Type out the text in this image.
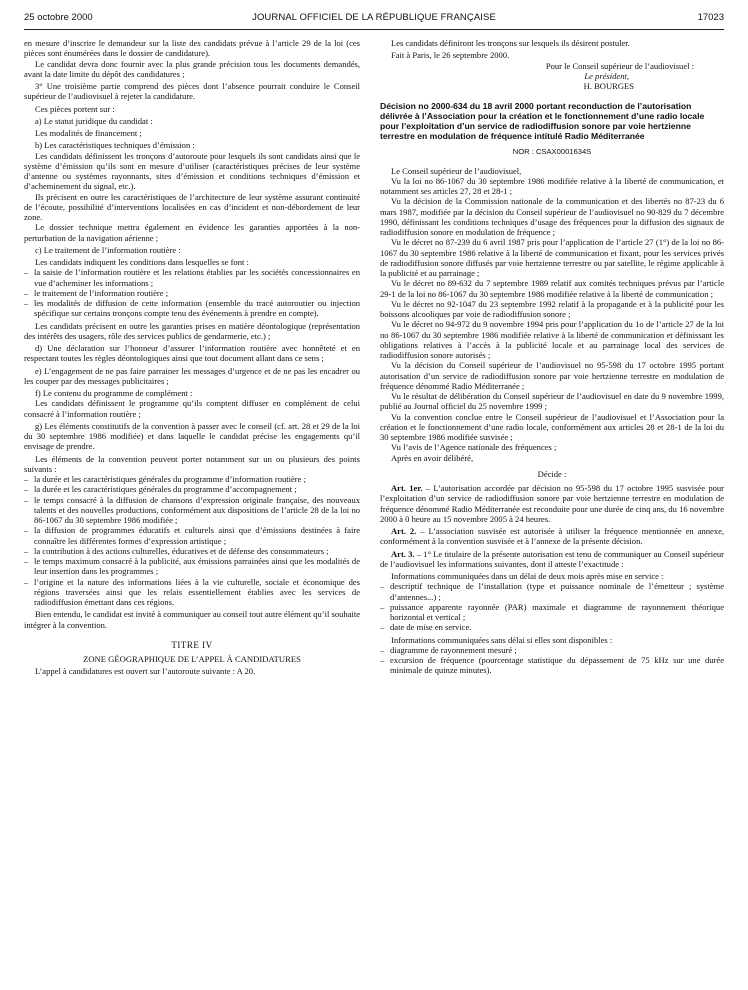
25 octobre 2000	JOURNAL OFFICIEL DE LA RÉPUBLIQUE FRANÇAISE	17023

en mesure d’inscrire le demandeur sur la liste des candidats prévue à l’article 29 de la loi (ces pièces sont énumérées dans le dossier de candidature).

Le candidat devra donc fournir avec la plus grande précision tous les documents demandés, avant la date limite du dépôt des candidatures ;

3° Une troisième partie comprend des pièces dont l’absence pourrait conduire le Conseil supérieur de l’audiovisuel à rejeter la candidature.

Ces pièces portent sur :

a) Le statut juridique du candidat :

Les modalités de financement ;

b) Les caractéristiques techniques d’émission :

Les candidats définissent les tronçons d’autoroute pour lesquels ils sont candidats ainsi que le système d’émission qu’ils sont en mesure d’utiliser (caractéristiques précises de leur système d’antenne ou systèmes rayonnants, sites d’émission et conditions techniques d’émission et d’acheminement du signal, etc.).

Ils précisent en outre les caractéristiques de l’architecture de leur système assurant continuité de l’écoute, possibilité d’interventions localisées en cas d’incident et non-débordement de leur zone.

Le dossier technique mettra également en évidence les garanties apportées à la non-perturbation de la navigation aérienne ;

c) Le traitement de l’information routière :

Les candidats indiquent les conditions dans lesquelles se font :

– la saisie de l’information routière et les relations établies par les sociétés concessionnaires en vue d’acheminer les informations ;
– le traitement de l’information routière ;
– les modalités de diffusion de cette information (ensemble du tracé autoroutier ou injection spécifique sur certains tronçons compte tenu des événements à prendre en compte).

Les candidats précisent en outre les garanties prises en matière déontologique (représentation des intérêts des usagers, rôle des services publics de gendarmerie, etc.) ;

d) Une déclaration sur l’honneur d’assurer l’information routière avec honnêteté et en respectant toutes les règles déontologiques ainsi que tout document allant dans ce sens ;

e) L’engagement de ne pas faire parrainer les messages d’urgence et de ne pas les encadrer ou les couper par des messages publicitaires ;

f) Le contenu du programme de complément :

Les candidats définissent le programme qu’ils comptent diffuser en complément de celui consacré à l’information routière ;

g) Les éléments constitutifs de la convention à passer avec le conseil (cf. art. 28 et 29 de la loi du 30 septembre 1986 modifiée) et dans laquelle le candidat précise les engagements qu’il envisage de prendre.

Les éléments de la convention peuvent porter notamment sur un ou plusieurs des points suivants :

– la durée et les caractéristiques générales du programme d’information routière ;
– la durée et les caractéristiques générales du programme d’accompagnement ;
– le temps consacré à la diffusion de chansons d’expression originale française, des nouveaux talents et des nouvelles productions, conformément aux dispositions de l’article 28 de la loi no 86-1067 du 30 septembre 1986 modifiée ;
– la diffusion de programmes éducatifs et culturels ainsi que d’émissions destinées à faire connaître les différentes formes d’expression artistique ;
– la contribution à des actions culturelles, éducatives et de défense des consommateurs ;
– le temps maximum consacré à la publicité, aux émissions parrainées ainsi que les modalités de leur insertion dans les programmes ;
– l’origine et la nature des informations liées à la vie culturelle, sociale et économique des régions traversées ainsi que les relais essentiellement établies avec les services de radiodiffusion émettant dans ces régions.

Bien entendu, le candidat est invité à communiquer au conseil tout autre élément qu’il souhaite intégrer à la convention.

TITRE IV
ZONE GÉOGRAPHIQUE DE L’APPEL À CANDIDATURES

L’appel à candidatures est ouvert sur l’autoroute suivante : A 20.

Les candidats définiront les tronçons sur lesquels ils désirent postuler.

Fait à Paris, le 26 septembre 2000.

Pour le Conseil supérieur de l’audiovisuel :
Le président,
H. BOURGES
Décision no 2000-634 du 18 avril 2000 portant reconduction de l’autorisation délivrée à l’Association pour la création et le fonctionnement d’une radio locale pour l’exploitation d’un service de radiodiffusion sonore par voie hertzienne terrestre en modulation de fréquence intitulé Radio Méditerranée
NOR : CSAX0001634S

Le Conseil supérieur de l’audiovisuel,

Vu la loi no 86-1067 du 30 septembre 1986 modifiée relative à la liberté de communication, et notamment ses articles 27, 28 et 28-1 ;

Vu la décision de la Commission nationale de la communication et des libertés no 87-23 du 6 mars 1987, modifiée par la décision du Conseil supérieur de l’audiovisuel no 90-829 du 7 décembre 1990, définissant les conditions techniques d’usage des fréquences pour la diffusion des signaux de radiodiffusion sonore en modulation de fréquence ;

Vu le décret no 87-239 du 6 avril 1987 pris pour l’application de l’article 27 (1°) de la loi no 86-1067 du 30 septembre 1986 relative à la liberté de communication et fixant, pour les services privés de radiodiffusion sonore diffusés par voie hertzienne terrestre ou par satellite, le régime applicable à la publicité et au parrainage ;

Vu le décret no 89-632 du 7 septembre 1989 relatif aux comités techniques prévus par l’article 29-1 de la loi no 86-1067 du 30 septembre 1986 modifiée relative à la liberté de communication ;

Vu le décret no 92-1047 du 23 septembre 1992 relatif à la propagande et à la publicité pour les boissons alcooliques par voie de radiodiffusion sonore ;

Vu le décret no 94-972 du 9 novembre 1994 pris pour l’application du 1o de l’article 27 de la loi no 86-1067 du 30 septembre 1986 modifiée relative à la liberté de communication et définissant les obligations relatives à l’accès à la publicité locale et au parrainage local des services de radiodiffusion sonore autorisés ;

Vu la décision du Conseil supérieur de l’audiovisuel no 95-598 du 17 octobre 1995 portant autorisation d’un service de radiodiffusion sonore par voie hertzienne terrestre en modulation de fréquence dénommé Radio Méditerranée ;

Vu le résultat de délibération du Conseil supérieur de l’audiovisuel en date du 9 novembre 1999, publié au Journal officiel du 25 novembre 1999 ;

Vu la convention conclue entre le Conseil supérieur de l’audiovisuel et l’Association pour la création et le fonctionnement d’une radio locale, conformément aux articles 28 et 28-1 de la loi du 30 septembre 1986 modifiée susvisée ;

Vu l’avis de l’Agence nationale des fréquences ;

Après en avoir délibéré,

Décide :

Art. 1er. – L’autorisation accordée par décision no 95-598 du 17 octobre 1995 susvisée pour l’exploitation d’un service de radiodiffusion sonore par voie hertzienne terrestre en modulation de fréquence dénommé Radio Méditerranée est reconduite pour une durée de cinq ans, du 16 novembre 2000 à 0 heure au 15 novembre 2005 à 24 heures.

Art. 2. – L’association susvisée est autorisée à utiliser la fréquence mentionnée en annexe, conformément à la convention susvisée et à l’annexe de la présente décision.

Art. 3. – 1° Le titulaire de la présente autorisation est tenu de communiquer au Conseil supérieur de l’audiovisuel les informations suivantes, dont il atteste l’exactitude :

Informations communiquées dans un délai de deux mois après mise en service :

– descriptif technique de l’installation (type et puissance nominale de l’émetteur ; système d’antennes...) ;
– puissance apparente rayonnée (PAR) maximale et diagramme de rayonnement théorique horizontal et vertical ;
– date de mise en service.

Informations communiquées sans délai si elles sont disponibles :

– diagramme de rayonnement mesuré ;
– excursion de fréquence (pourcentage statistique du dépassement de 75 kHz sur une durée minimale de quinze minutes).
